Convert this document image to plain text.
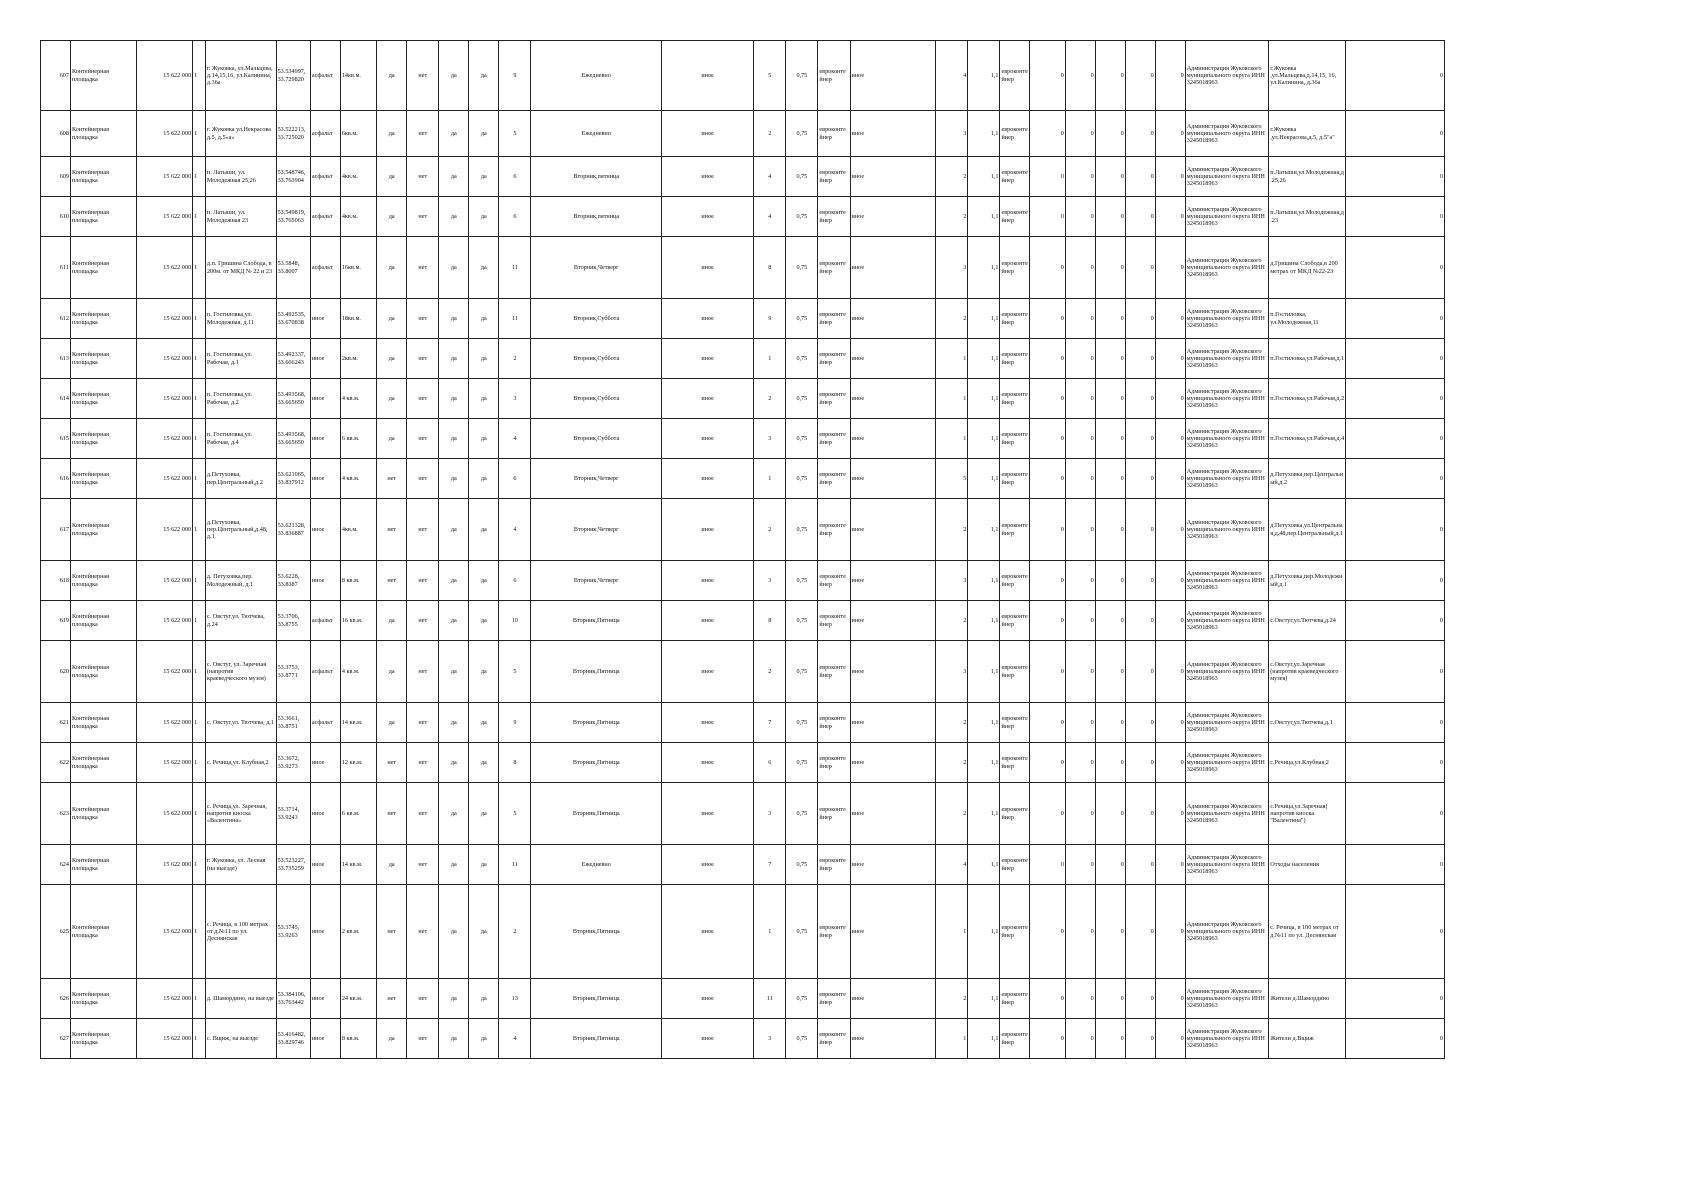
607	Контейнерная площадка	15 622 000	1	г. Жуковка, ул.Мальцева, д.14,15,16, ул.Калинина, д.36а	53.534997, 33.729820	асфальт	14кв.м.	да	нет	да	да	9	Ежедневно	иное	5	0,75	евроконтейнер	иное	4	1,1	евроконтейнер	0	0	0	0	0	Администрация Жуковского муниципального округа ИНН 3245018963	г.Жуковка ,ул.Мальцева,д.14,15, 16, ул.Калинина, д.36а	0
608	Контейнерная площадка	15 622 000	1	г. Жуковка ул.Некрасова д.5, д.5«а»	53.522213, 33.725020	асфальт	6кв.м.	да	нет	да	да	5	Ежедневно	иное	2	0,75	евроконтейнер	иное	3	1,1	евроконтейнер	0	0	0	0	0	Администрация Жуковского муниципального округа ИНН 3245018963	г.Жуковка ,ул.Некрасова,д.5, д.5"а"	0
609	Контейнерная площадка	15 622 000	1	п. Латыши, ул. Молодежная 25,26	53.548746, 33.763904	асфальт	4кв.м.	да	нет	да	да	6	Вторник,пятница	иное	4	0,75	евроконтейнер	иное	2	1,1	евроконтейнер	0	0	0	0	0	Администрация Жуковского муниципального округа ИНН 3245018963	п.Латыши,ул.Молодежная,д.25,26	0
610	Контейнерная площадка	15 622 000	1	п. Латыши, ул. Молодежная 23	53.549819, 33.765063	асфальт	4кв.м.	да	нет	да	да	6	Вторник,пятница	иное	4	0,75	евроконтейнер	иное	2	1,1	евроконтейнер	0	0	0	0	0	Администрация Жуковского муниципального округа ИНН 3245018963	п.Латыши,ул.Молодежная,д.23	0
611	Контейнерная площадка	15 622 000	1	д.п. Гришина Слобода, в 200м. от МКД № 22 и 23	53.5848, 33.8007	асфальт	16кв.м.	да	нет	да	да	11	Вторник,Четверг	иное	8	0,75	евроконтейнер	иное	3	1,1	евроконтейнер	0	0	0	0	0	Администрация Жуковского муниципального округа ИНН 3245018963	д.Гришина Слобода,в 200 метрах от МКД №22-23	0
612	Контейнерная площадка	15 622 000	1	п. Гостиловка,ул. Молодежная, д.11	53.492535, 33.670838	иное	18кв.м.	да	нет	да	да	11	Вторник,Суббота	иное	9	0,75	евроконтейнер	иное	2	1,1	евроконтейнер	0	0	0	0	0	Администрация Жуковского муниципального округа ИНН 3245018963	п.Гостиловка, ул.Молодежная,11	0
613	Контейнерная площадка	15 622 000	1	п. Гостиловка,ул. Рабочая, д.1	53.492337, 33.666243	иное	2кв.м.	да	нет	да	да	2	Вторник,Суббота	иное	1	0,75	евроконтейнер	иное	1	1,1	евроконтейнер	0	0	0	0	0	Администрация Жуковского муниципального округа ИНН 3245018963	п.Гостиловка,ул.Рабочая,д.1	0
614	Контейнерная площадка	15 622 000	1	п. Гостиловка,ул. Рабочая, д.2	53.493568, 33.665650	иное	4 кв.м.	да	нет	да	да	3	Вторник,Суббота	иное	2	0,75	евроконтейнер	иное	1	1,1	евроконтейнер	0	0	0	0	0	Администрация Жуковского муниципального округа ИНН 3245018963	п.Гостиловка,ул.Рабочая,д.2	0
615	Контейнерная площадка	15 622 000	1	п. Гостиловка,ул. Рабочая, д.4	53.493568, 33.665650	иное	6 кв.м.	да	нет	да	да	4	Вторник,Суббота	иное	3	0,75	евроконтейнер	иное	1	1,1	евроконтейнер	0	0	0	0	0	Администрация Жуковского муниципального округа ИНН 3245018963	п.Гостиловка,ул.Рабочая,д.4	0
616	Контейнерная площадка	15 622 000	1	д.Петуховка, пер.Центральный,д.2	53.621065, 33.837912	иное	4 кв.м.	нет	нет	да	да	6	Вторник,Четверг	иное	1	0,75	евроконтейнер	иное	5	1,1	евроконтейнер	0	0	0	0	0	Администрация Жуковского муниципального округа ИНН 3245018963	д.Петуховка,пер.Центральный,д.2	0
617	Контейнерная площадка	15 622 000	1	д.Петуховка, пер.Центральный,д.48, д.1	53.621328, 33.836887	иное	4кв.м.	нет	нет	да	да	4	Вторник,Четверг	иное	2	0,75	евроконтейнер	иное	2	1,1	евроконтейнер	0	0	0	0	0	Администрация Жуковского муниципального округа ИНН 3245018963	д.Петуховка,ул.Центральная,д.48,пер.Центральный,д.1	0
618	Контейнерная площадка	15 622 000	1	д. Петуховка,пер. Молодежный, д.1	53.6228, 33.8387	иное	8 кв.м.	нет	нет	да	да	6	Вторник,Четверг	иное	3	0,75	евроконтейнер	иное	3	1,1	евроконтейнер	0	0	0	0	0	Администрация Жуковского муниципального округа ИНН 3245018963	д.Петуховка,пер.Молодежный,д.1	0
619	Контейнерная площадка	15 622 000	1	с. Овстуг,ул. Тютчева, д.24	53.3706, 33.8755	асфальт	16 кв.м.	да	нет	да	да	10	Вторник,Пятница	иное	8	0,75	евроконтейнер	иное	2	1,1	евроконтейнер	0	0	0	0	0	Администрация Жуковского муниципального округа ИНН 3245018963	с.Овстуг,ул.Тютчева,д.24	0
620	Контейнерная площадка	15 622 000	1	с. Овстуг, ул. Заречная (напротив краеведческого музея)	53.3753, 33.8771	асфальт	4 кв.м.	да	нет	да	да	5	Вторник,Пятница	иное	2	0,75	евроконтейнер	иное	3	1,1	евроконтейнер	0	0	0	0	0	Администрация Жуковского муниципального округа ИНН 3245018963	с.Овстуг,ул.Заречная (напротив краеведческого музея)	0
621	Контейнерная площадка	15 622 000	1	с. Овстуг,ул. Тютчева, д.1	53.3661, 33.8751	асфальт	14 кв.м.	да	нет	да	да	9	Вторник,Пятница	иное	7	0,75	евроконтейнер	иное	2	1,1	евроконтейнер	0	0	0	0	0	Администрация Жуковского муниципального округа ИНН 3245018963	с.Овстуг,ул.Тютчева,д.1	0
622	Контейнерная площадка	15 622 000	1	с. Речица,ул. Клубная,2	53.3672, 33.9273	иное	12 кв.м.	нет	нет	да	да	8	Вторник,Пятница	иное	6	0,75	евроконтейнер	иное	2	1,1	евроконтейнер	0	0	0	0	0	Администрация Жуковского муниципального округа ИНН 3245018963	с.Речица,ул.Клубная,2	0
623	Контейнерная площадка	15 622 000	1	с. Речица,ул. Заречная, напротив киоска «Валентина»	53.3714, 33.9243	иное	6 кв.м.	нет	нет	да	да	5	Вторник,Пятница	иное	3	0,75	евроконтейнер	иное	2	1,1	евроконтейнер	0	0	0	0	0	Администрация Жуковского муниципального округа ИНН 3245018963	с.Речица,ул.Заречная( напротив киоска "Валентина")	0
624	Контейнерная площадка	15 622 000	1	г. Жуковка, ул. Лесная (на выезде)	53.523227, 33.735259	иное	14 кв.м.	да	нет	да	да	11	Ежедневно	иное	7	0,75	евроконтейнер	иное	4	1,1	евроконтейнер	0	0	0	0	0	Администрация Жуковского муниципального округа ИНН 3245018963	Отходы населения	0
625	Контейнерная площадка	15 622 000	1	с. Речица, в 100 метрах от д.№11 по ул. Деснянская	53.3745, 33.9263	иное	2 кв.м.	нет	нет	да	да	2	Вторник,Пятница	иное	1	0,75	евроконтейнер	иное	1	1,1	евроконтейнер	0	0	0	0	0	Администрация Жуковского муниципального округа ИНН 3245018963	с. Речица, в 100 метрах от д.№11 по ул. Деснянская	0
626	Контейнерная площадка	15 622 000	1	д. Шамордино, на выезде	53.384106, 33.763442	иное	24 кв.м.	нет	нет	да	да	13	Вторник,Пятница	иное	11	0,75	евроконтейнер	иное	2	1,1	евроконтейнер	0	0	0	0	0	Администрация Жуковского муниципального округа ИНН 3245018963	Жители д.Шамордино	0
627	Контейнерная площадка	15 622 000	1	с. Вщиж, на выезде	53.416482, 33.829746	иное	8 кв.м.	да	нет	да	да	4	Вторник,Пятница	иное	3	0,75	евроконтейнер	иное	1	1,1	евроконтейнер	0	0	0	0	0	Администрация Жуковского муниципального округа ИНН 3245018963	Жители д.Вщиж	0
